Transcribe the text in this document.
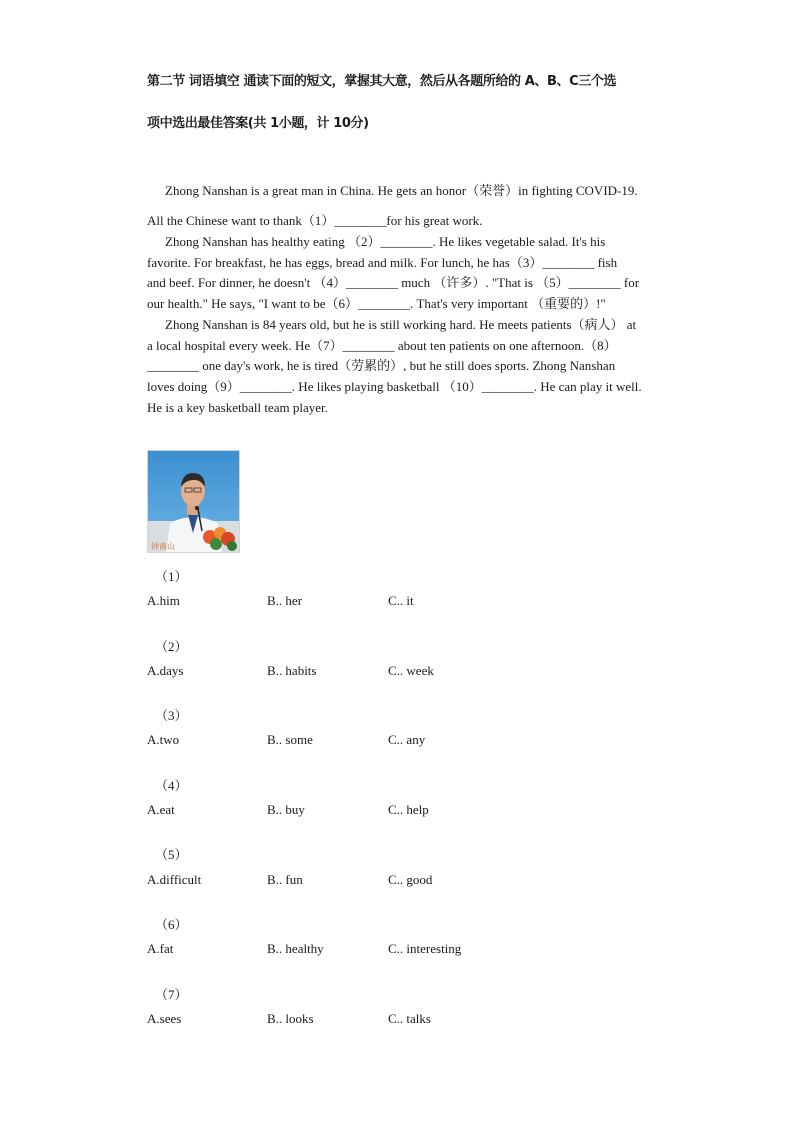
第二节 词语填空 通读下面的短文，掌握其大意，然后从各题所给的 A、B、C三个选
项中选出最佳答案(共 1小题，计 10分)
Zhong Nanshan is a great man in China. He gets an honor（荣誉）in fighting COVID-19.
All the Chinese want to thank（1）________for his great work.
Zhong Nanshan has healthy eating （2）________. He likes vegetable salad. It's his
favorite. For breakfast, he has eggs, bread and milk. For lunch, he has（3）________ fish
and beef. For dinner, he doesn't （4）________ much （许多）. "That is （5）________ for
our health." He says, "I want to be（6）________. That's very important （重要的）!"
Zhong Nanshan is 84 years old, but he is still working hard. He meets patients（病人） at
a local hospital every week. He（7）________ about ten patients on one afternoon.（8）
________ one day's work, he is tired（劳累的）, but he still does sports. Zhong Nanshan
loves doing（9）________. He likes playing basketball （10）________. He can play it well.
He is a key basketball team player.
钟南山
（1）
A.him	B.. her	C.. it
（2）
A.days	B.. habits	C.. week
（3）
A.two	B.. some	C.. any
（4）
A.eat	B.. buy	C.. help
（5）
A.difficult	B.. fun	C.. good
（6）
A.fat	B.. healthy	C.. interesting
（7）
A.sees	B.. looks	C.. talks
